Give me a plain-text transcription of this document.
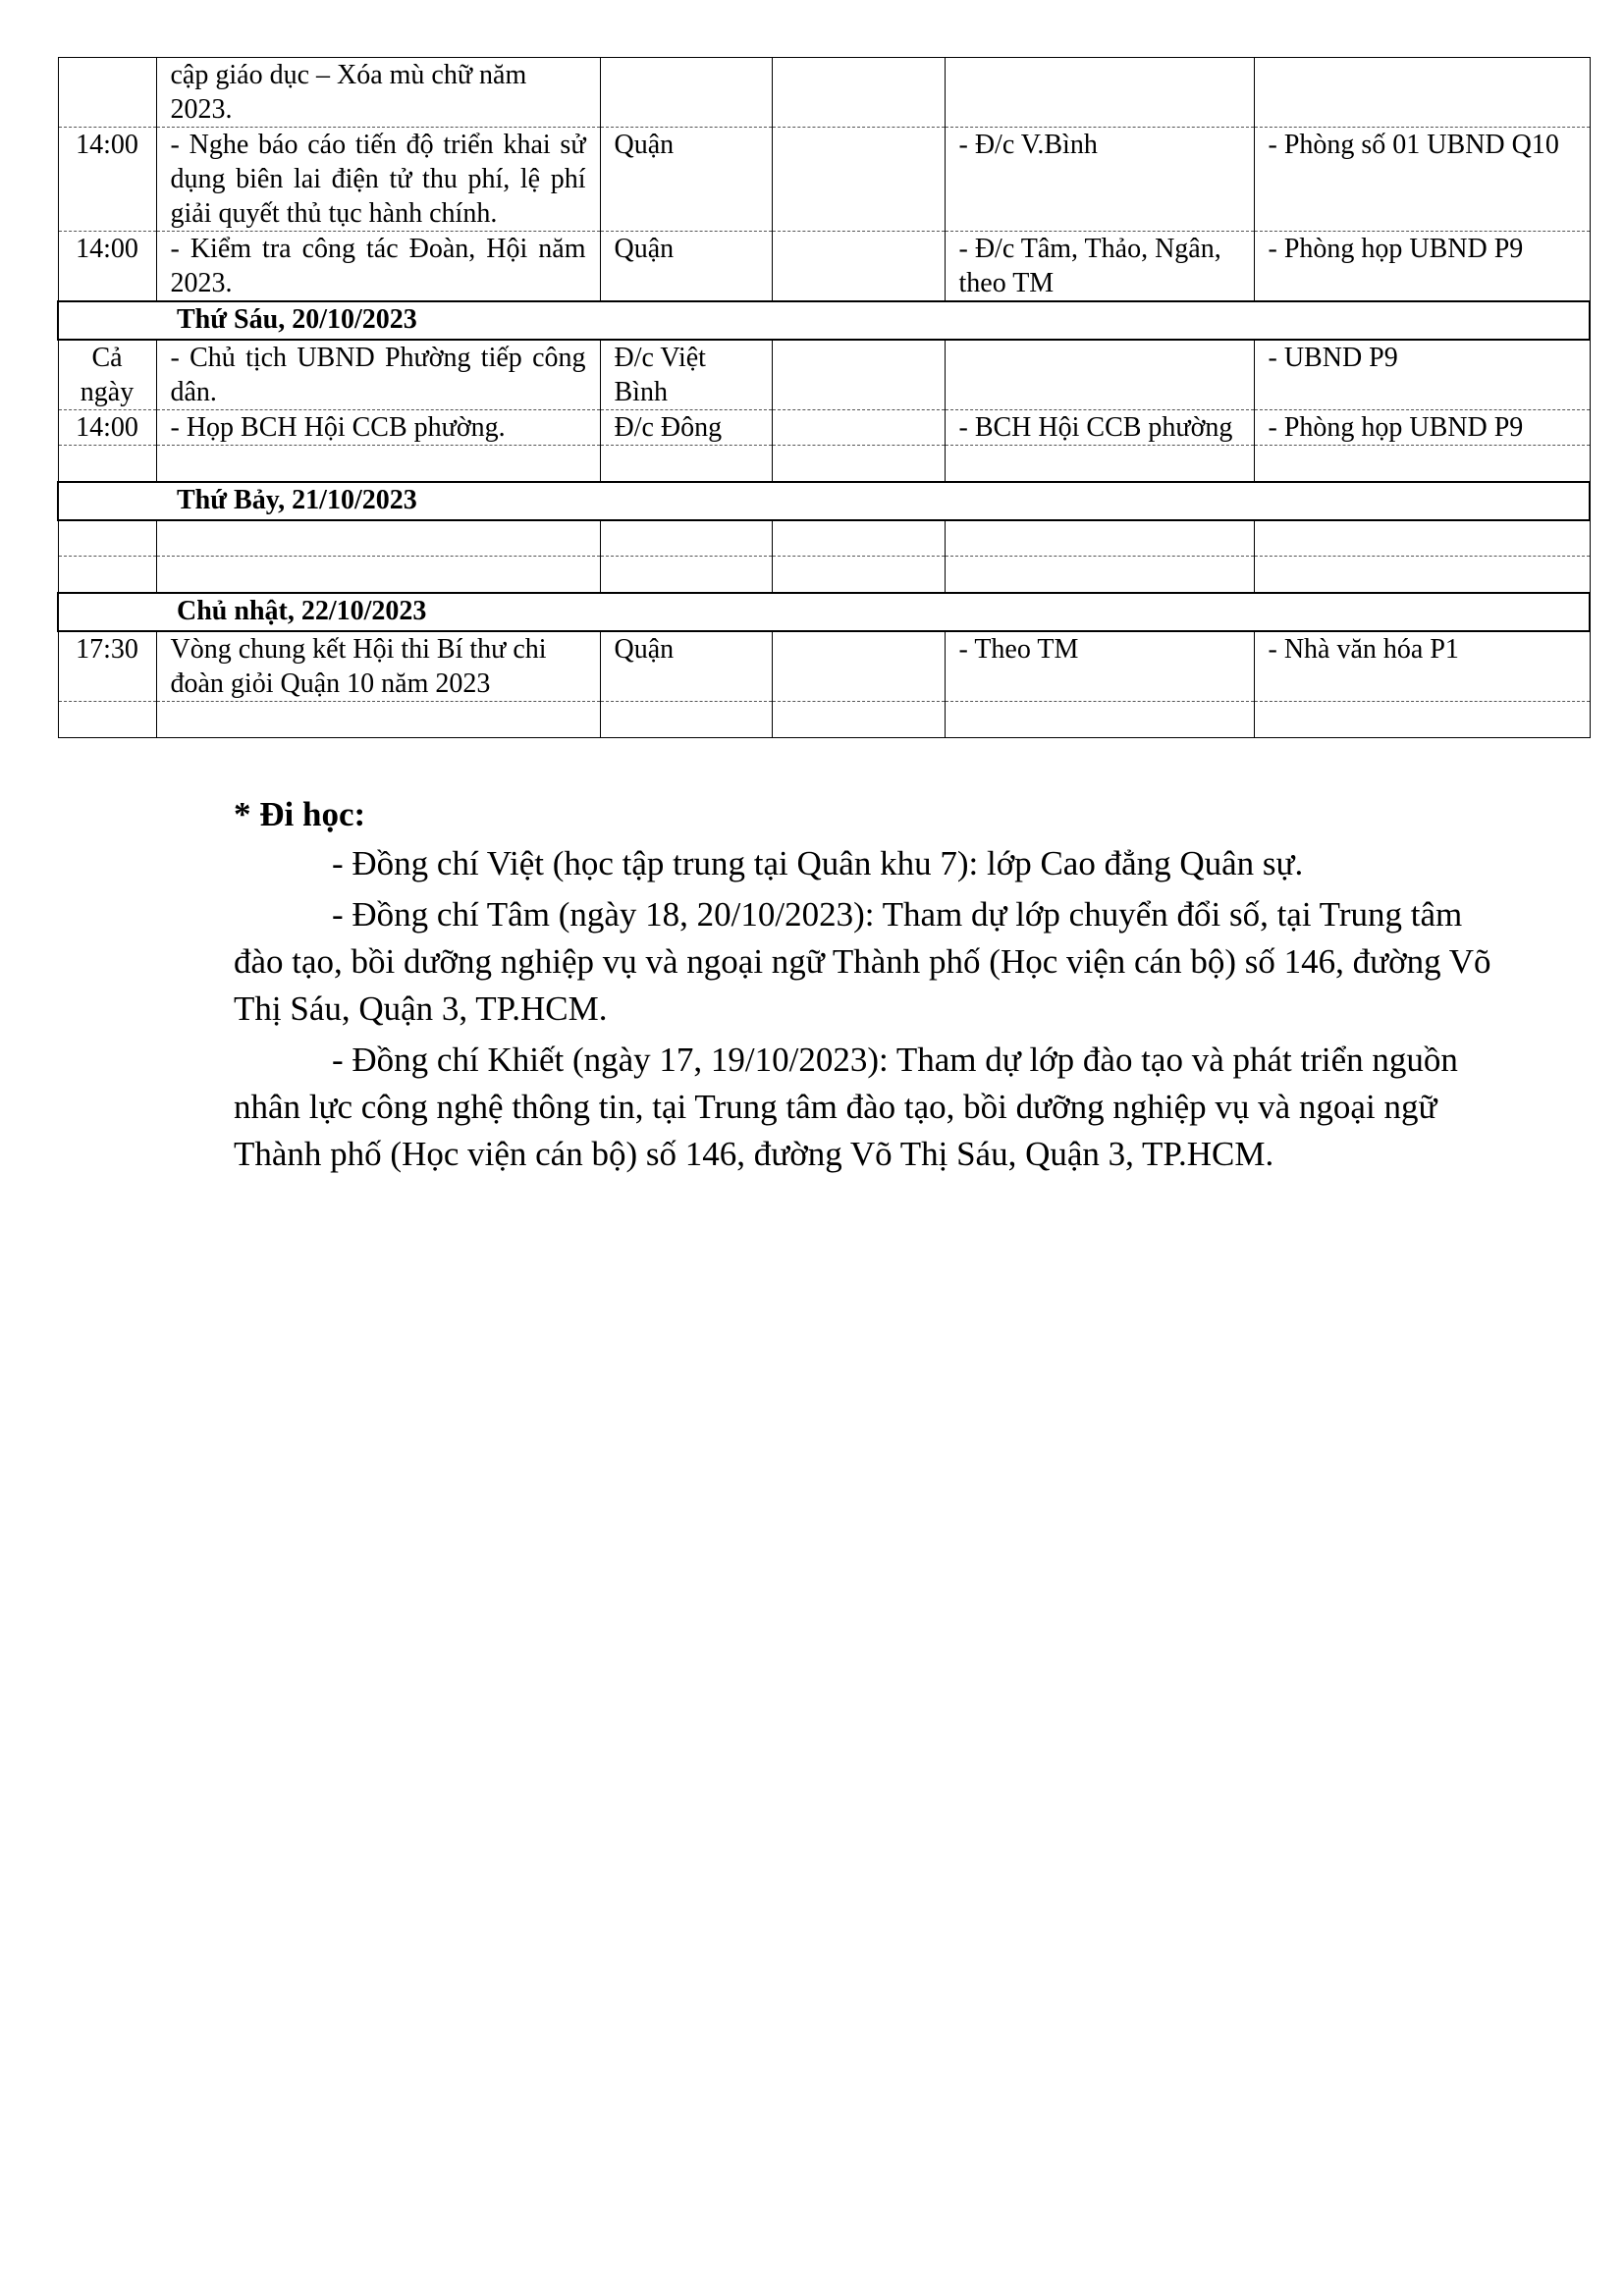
	cập giáo dục – Xóa mù chữ năm 2023.				
14:00	- Nghe báo cáo tiến độ triển khai sử dụng biên lai điện tử thu phí, lệ phí giải quyết thủ tục hành chính.	Quận		- Đ/c V.Bình	- Phòng số 01 UBND Q10
14:00	- Kiểm tra công tác Đoàn, Hội năm 2023.	Quận		- Đ/c Tâm, Thảo, Ngân, theo TM	- Phòng họp UBND P9
Thứ Sáu, 20/10/2023					
Cả ngày	- Chủ tịch UBND Phường tiếp công dân.	Đ/c Việt Bình			- UBND P9
14:00	- Họp BCH Hội CCB phường.	Đ/c Đông		- BCH Hội CCB phường	- Phòng họp UBND P9

Thứ Bảy, 21/10/2023					

Chủ nhật, 22/10/2023					
17:30	Vòng chung kết Hội thi Bí thư chi đoàn giỏi Quận 10 năm 2023	Quận		- Theo TM	- Nhà văn hóa P1

* Đi học:

- Đồng chí Việt (học tập trung tại Quân khu 7): lớp Cao đẳng Quân sự.

- Đồng chí Tâm (ngày 18, 20/10/2023): Tham dự lớp chuyển đổi số, tại Trung tâm đào tạo, bồi dưỡng nghiệp vụ và ngoại ngữ Thành phố (Học viện cán bộ) số 146, đường Võ Thị Sáu, Quận 3, TP.HCM.

- Đồng chí Khiết (ngày 17, 19/10/2023): Tham dự lớp đào tạo và phát triển nguồn nhân lực công nghệ thông tin, tại Trung tâm đào tạo, bồi dưỡng nghiệp vụ và ngoại ngữ Thành phố (Học viện cán bộ) số 146, đường Võ Thị Sáu, Quận 3, TP.HCM.
